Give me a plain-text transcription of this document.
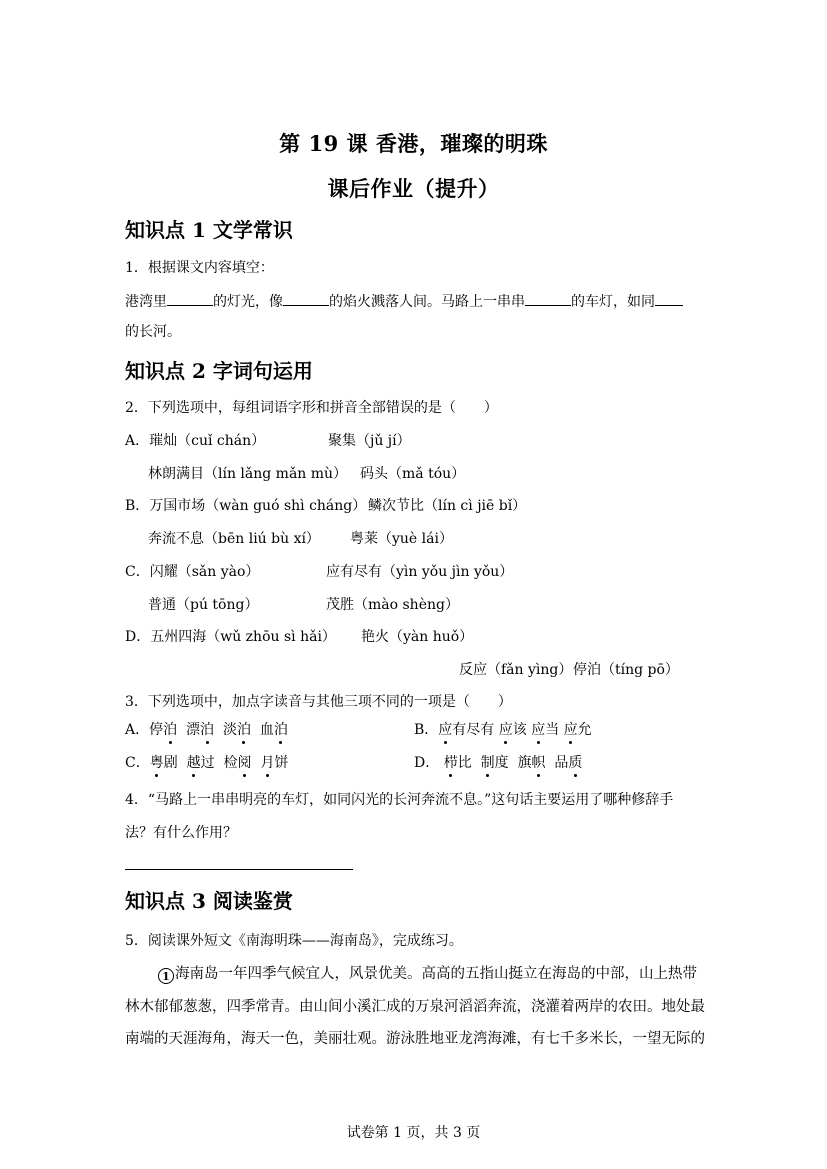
第 19 课 香港，璀璨的明珠
课后作业（提升）
知识点 1 文学常识
1．根据课文内容填空：
港湾里	的灯光，像	的焰火溅落人间。马路上一串串	的车灯，如同
的长河。
知识点 2 字词句运用
2．下列选项中，每组词语字形和拼音全部错误的是（　　）
A．璀灿（cuǐ chán）	聚集（jǔ jí）
林朗满目（lín lǎng mǎn mù） 码头（mǎ tóu）
B．万国市场（wàn guó shì cháng） 鳞次节比（lín cì jiē bǐ）
奔流不息（bēn liú bù xí） 粤莱（yuè lái）
C．闪耀（sǎn yào）	应有尽有（yìn yǒu jìn yǒu）
普通（pú tōng）	茂胜（mào shèng）
D．五州四海（wǔ zhōu sì hǎi） 艳火（yàn huǒ）
反应（fǎn yìng） 停泊（tíng pō）
3．下列选项中，加点字读音与其他三项不同的一项是（　　）
A．停泊 漂泊 淡泊 血泊	B．应有尽有 应该 应当 应允
C．粤剧 越过 检阅 月饼	D． 栉比 制度 旗帜 品质
4．“马路上一串串明亮的车灯，如同闪光的长河奔流不息。”这句话主要运用了哪种修辞手
法？有什么作用？
知识点 3 阅读鉴赏
5．阅读课外短文《南海明珠——海南岛》，完成练习。
1 海南岛一年四季气候宜人，风景优美。高高的五指山挺立在海岛的中部，山上热带
林木郁郁葱葱，四季常青。由山间小溪汇成的万泉河滔滔奔流，浇灌着两岸的农田。地处最
南端的天涯海角，海天一色，美丽壮观。游泳胜地亚龙湾海滩，有七千多米长，一望无际的
试卷第 1 页，共 3 页
